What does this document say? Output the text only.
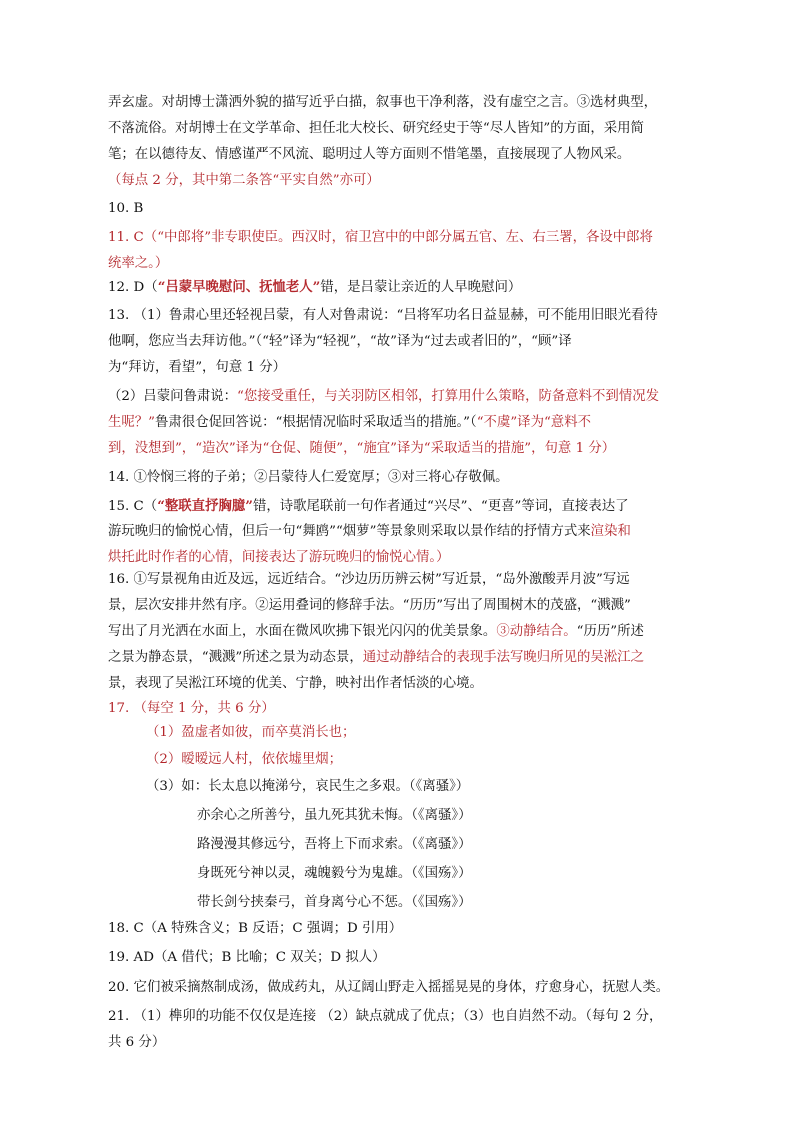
弄玄虚。对胡博士潇洒外貌的描写近乎白描，叙事也干净利落，没有虚空之言。③选材典型，
不落流俗。对胡博士在文学革命、担任北大校长、研究经史于等“尽人皆知”的方面，采用简
笔；在以德待友、情感谨严不风流、聪明过人等方面则不惜笔墨，直接展现了人物风采。
（每点 2 分，其中第二条答“平实自然”亦可）
10. B
11. C（“中郎将”非专职使臣。西汉时，宿卫宫中的中郎分属五官、左、右三署，各设中郎将
统率之。）
12. D（“吕蒙早晚慰问、抚恤老人”错，是吕蒙让亲近的人早晚慰问）
13. （1）鲁肃心里还轻视吕蒙，有人对鲁肃说：“吕将军功名日益显赫，可不能用旧眼光看待
他啊，您应当去拜访他。”（“轻”译为“轻视”，“故”译为“过去或者旧的”，“顾”译
为“拜访，看望”，句意 1 分）
（2）吕蒙问鲁肃说：“您接受重任，与关羽防区相邻，打算用什么策略，防备意料不到情况发
生呢？”鲁肃很仓促回答说：“根据情况临时采取适当的措施。”（“不虞”译为“意料不
到，没想到”，“造次”译为“仓促、随便”，“施宜”译为“采取适当的措施”，句意 1 分）
14. ①怜悯三将的子弟；②吕蒙待人仁爱宽厚；③对三将心存敬佩。
15. C（“整联直抒胸臆”错，诗歌尾联前一句作者通过“兴尽”、“更喜”等词，直接表达了
游玩晚归的愉悦心情，但后一句“舞鸥”“烟萝”等景象则采取以景作结的抒情方式来渲染和
烘托此时作者的心情，间接表达了游玩晚归的愉悦心情。）
16. ①写景视角由近及远，远近结合。“沙边历历辨云树”写近景，“岛外激酸弄月波”写远
景，层次安排井然有序。②运用叠词的修辞手法。“历历”写出了周围树木的茂盛，“溅溅”
写出了月光洒在水面上，水面在微风吹拂下银光闪闪的优美景象。③动静结合。“历历”所述
之景为静态景，“溅溅”所述之景为动态景，通过动静结合的表现手法写晚归所见的吴淞江之
景，表现了吴淞江环境的优美、宁静，映衬出作者恬淡的心境。
17. （每空 1 分，共 6 分）
（1）盈虚者如彼，而卒莫消长也；
（2）暧暧远人村，依依墟里烟；
（3）如：长太息以掩涕兮，哀民生之多艰。（《离骚》）
亦余心之所善兮，虽九死其犹未悔。（《离骚》）
路漫漫其修远兮，吾将上下而求索。（《离骚》）
身既死兮神以灵，魂魄毅兮为鬼雄。（《国殇》）
带长剑兮挟秦弓，首身离兮心不惩。（《国殇》）
18. C（A 特殊含义；B 反语；C 强调；D 引用）
19. AD（A 借代；B 比喻；C 双关；D 拟人）
20. 它们被采摘熬制成汤，做成药丸，从辽阔山野走入摇摇晃晃的身体，疗愈身心，抚慰人类。
21. （1）榫卯的功能不仅仅是连接 （2）缺点就成了优点；（3）也自岿然不动。（每句 2 分，
共 6 分）
